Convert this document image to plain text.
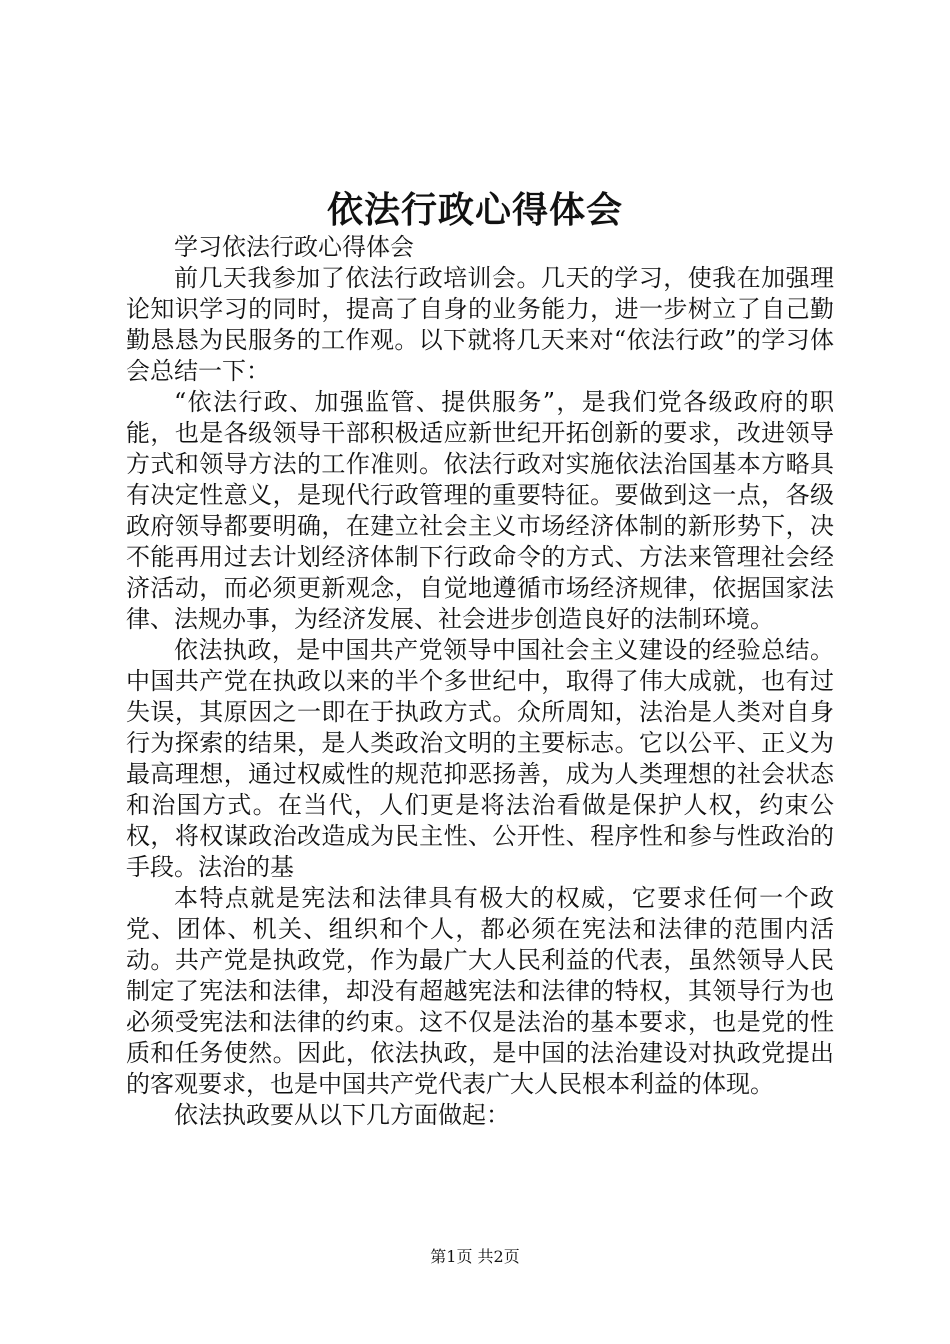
依法行政心得体会

学习依法行政心得体会

前几天我参加了依法行政培训会。几天的学习，使我在加强理论知识学习的同时，提高了自身的业务能力，进一步树立了自己勤勤恳恳为民服务的工作观。以下就将几天来对“依法行政”的学习体会总结一下：

“依法行政、加强监管、提供服务”，是我们党各级政府的职能，也是各级领导干部积极适应新世纪开拓创新的要求，改进领导方式和领导方法的工作准则。依法行政对实施依法治国基本方略具有决定性意义，是现代行政管理的重要特征。要做到这一点，各级政府领导都要明确，在建立社会主义市场经济体制的新形势下，决不能再用过去计划经济体制下行政命令的方式、方法来管理社会经济活动，而必须更新观念，自觉地遵循市场经济规律，依据国家法律、法规办事，为经济发展、社会进步创造良好的法制环境。

依法执政，是中国共产党领导中国社会主义建设的经验总结。中国共产党在执政以来的半个多世纪中，取得了伟大成就，也有过失误，其原因之一即在于执政方式。众所周知，法治是人类对自身行为探索的结果，是人类政治文明的主要标志。它以公平、正义为最高理想，通过权威性的规范抑恶扬善，成为人类理想的社会状态和治国方式。在当代，人们更是将法治看做是保护人权，约束公权，将权谋政治改造成为民主性、公开性、程序性和参与性政治的手段。法治的基

本特点就是宪法和法律具有极大的权威，它要求任何一个政党、团体、机关、组织和个人，都必须在宪法和法律的范围内活动。共产党是执政党，作为最广大人民利益的代表，虽然领导人民制定了宪法和法律，却没有超越宪法和法律的特权，其领导行为也必须受宪法和法律的约束。这不仅是法治的基本要求，也是党的性质和任务使然。因此，依法执政，是中国的法治建设对执政党提出的客观要求，也是中国共产党代表广大人民根本利益的体现。

依法执政要从以下几方面做起：

第1页 共2页
